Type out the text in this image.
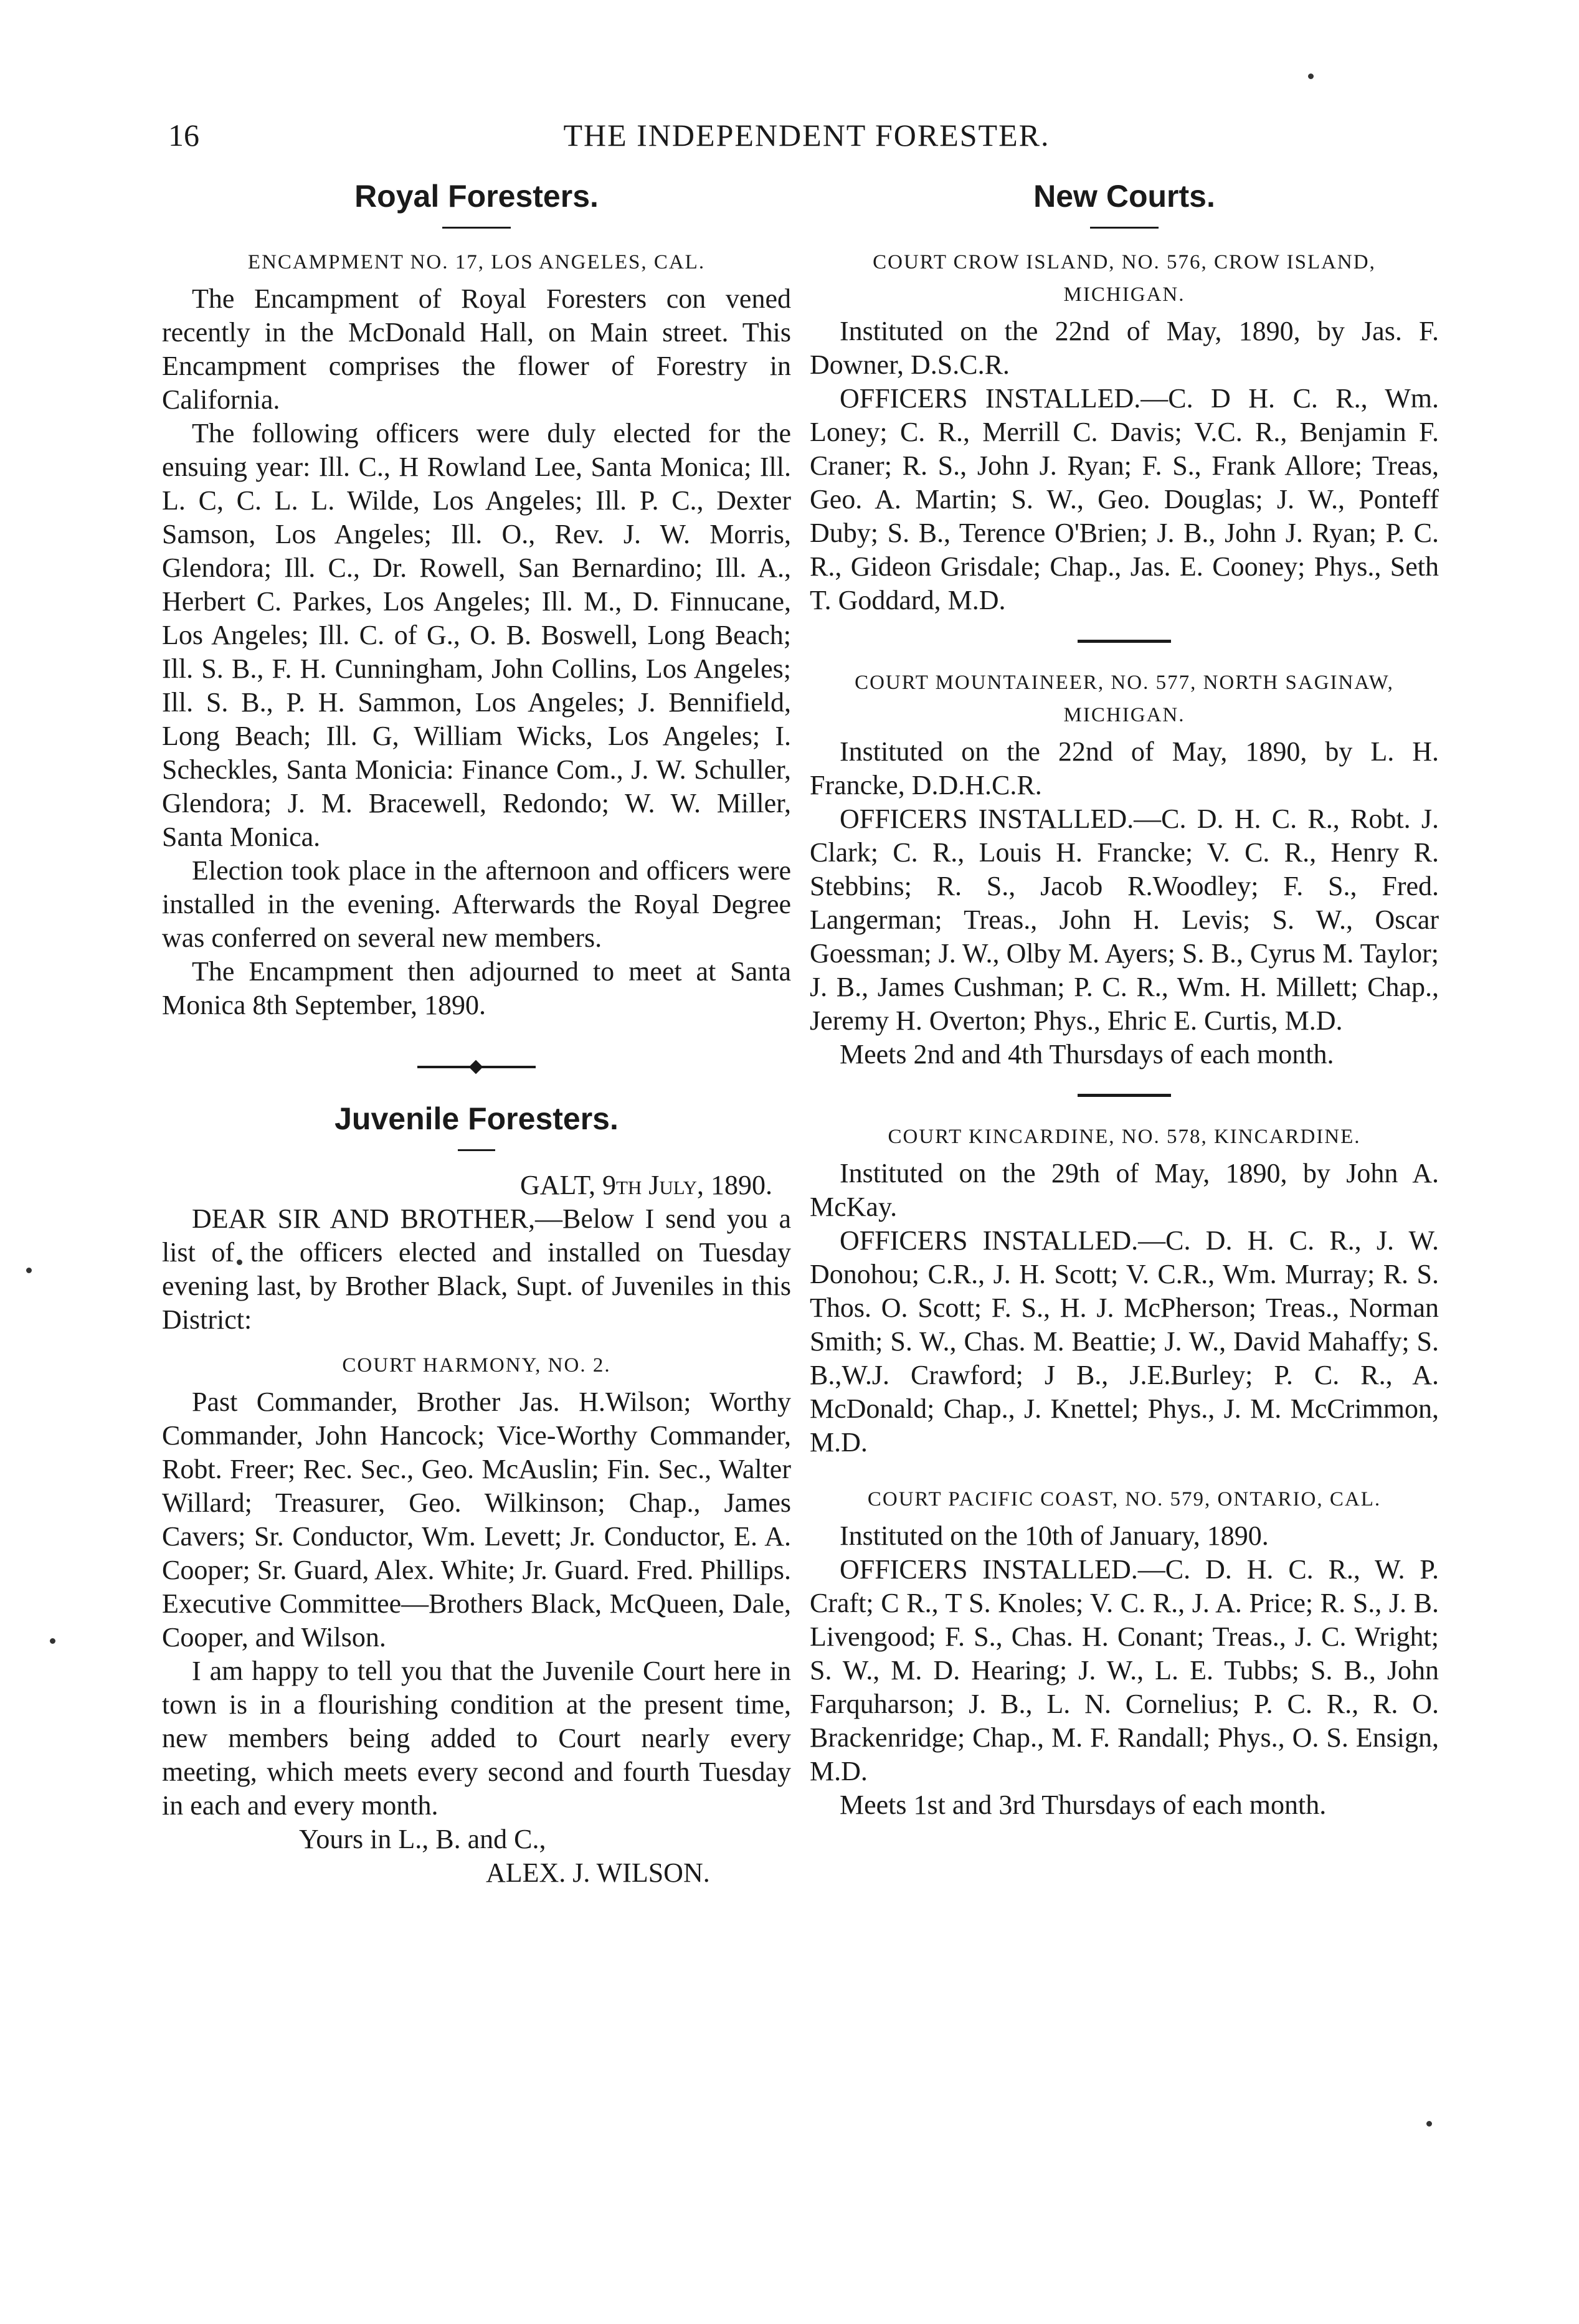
16	THE INDEPENDENT FORESTER.
Royal Foresters.
ENCAMPMENT NO. 17, LOS ANGELES, CAL.

The Encampment of Royal Foresters con vened recently in the McDonald Hall, on Main street. This Encampment comprises the flower of Forestry in California.

The following officers were duly elected for the ensuing year: Ill. C., H Rowland Lee, Santa Monica; Ill. L. C, C. L. L. Wilde, Los Angeles; Ill. P. C., Dexter Samson, Los Angeles; Ill. O., Rev. J. W. Morris, Glendora; Ill. C., Dr. Rowell, San Bernardino; Ill. A., Herbert C. Parkes, Los Angeles; Ill. M., D. Finnucane, Los Angeles; Ill. C. of G., O. B. Boswell, Long Beach; Ill. S. B., F. H. Cunningham, John Collins, Los Angeles; Ill. S. B., P. H. Sammon, Los Angeles; J. Bennifield, Long Beach; Ill. G, William Wicks, Los Angeles; I. Scheckles, Santa Monicia: Finance Com., J. W. Schuller, Glendora; J. M. Bracewell, Redondo; W. W. Miller, Santa Monica.

Election took place in the afternoon and officers were installed in the evening. Afterwards the Royal Degree was conferred on several new members.

The Encampment then adjourned to meet at Santa Monica 8th September, 1890.

Juvenile Foresters.

GALT, 9th July, 1890.

DEAR SIR AND BROTHER,—Below I send you a list of the officers elected and installed on Tuesday evening last, by Brother Black, Supt. of Juveniles in this District:

COURT HARMONY, NO. 2.

Past Commander, Brother Jas. H.Wilson; Worthy Commander, John Hancock; Vice-Worthy Commander, Robt. Freer; Rec. Sec., Geo. McAuslin; Fin. Sec., Walter Willard; Treasurer, Geo. Wilkinson; Chap., James Cavers; Sr. Conductor, Wm. Levett; Jr. Conductor, E. A. Cooper; Sr. Guard, Alex. White; Jr. Guard. Fred. Phillips. Executive Committee—Brothers Black, McQueen, Dale, Cooper, and Wilson.

I am happy to tell you that the Juvenile Court here in town is in a flourishing condition at the present time, new members being added to Court nearly every meeting, which meets every second and fourth Tuesday in each and every month.

Yours in L., B. and C.,

ALEX. J. WILSON.

New Courts.
COURT CROW ISLAND, NO. 576, CROW ISLAND, MICHIGAN.

Instituted on the 22nd of May, 1890, by Jas. F. Downer, D.S.C.R.

OFFICERS INSTALLED.—C. D H. C. R., Wm. Loney; C. R., Merrill C. Davis; V.C. R., Benjamin F. Craner; R. S., John J. Ryan; F. S., Frank Allore; Treas, Geo. A. Martin; S. W., Geo. Douglas; J. W., Ponteff Duby; S. B., Terence O'Brien; J. B., John J. Ryan; P. C. R., Gideon Grisdale; Chap., Jas. E. Cooney; Phys., Seth T. Goddard, M.D.

COURT MOUNTAINEER, NO. 577, NORTH SAGINAW, MICHIGAN.

Instituted on the 22nd of May, 1890, by L. H. Francke, D.D.H.C.R.

OFFICERS INSTALLED.—C. D. H. C. R., Robt. J. Clark; C. R., Louis H. Francke; V. C. R., Henry R. Stebbins; R. S., Jacob R.Woodley; F. S., Fred. Langerman; Treas., John H. Levis; S. W., Oscar Goessman; J. W., Olby M. Ayers; S. B., Cyrus M. Taylor; J. B., James Cushman; P. C. R., Wm. H. Millett; Chap., Jeremy H. Overton; Phys., Ehric E. Curtis, M.D.

Meets 2nd and 4th Thursdays of each month.

COURT KINCARDINE, NO. 578, KINCARDINE.

Instituted on the 29th of May, 1890, by John A. McKay.

OFFICERS INSTALLED.—C. D. H. C. R., J. W. Donohou; C.R., J. H. Scott; V. C.R., Wm. Murray; R. S. Thos. O. Scott; F. S., H. J. McPherson; Treas., Norman Smith; S. W., Chas. M. Beattie; J. W., David Mahaffy; S. B.,W.J. Crawford; J B., J.E.Burley; P. C. R., A. McDonald; Chap., J. Knettel; Phys., J. M. McCrimmon, M.D.

COURT PACIFIC COAST, NO. 579, ONTARIO, CAL.

Instituted on the 10th of January, 1890.

OFFICERS INSTALLED.—C. D. H. C. R., W. P. Craft; C R., T S. Knoles; V. C. R., J. A. Price; R. S., J. B. Livengood; F. S., Chas. H. Conant; Treas., J. C. Wright; S. W., M. D. Hearing; J. W., L. E. Tubbs; S. B., John Farquharson; J. B., L. N. Cornelius; P. C. R., R. O. Brackenridge; Chap., M. F. Randall; Phys., O. S. Ensign, M.D.

Meets 1st and 3rd Thursdays of each month.
